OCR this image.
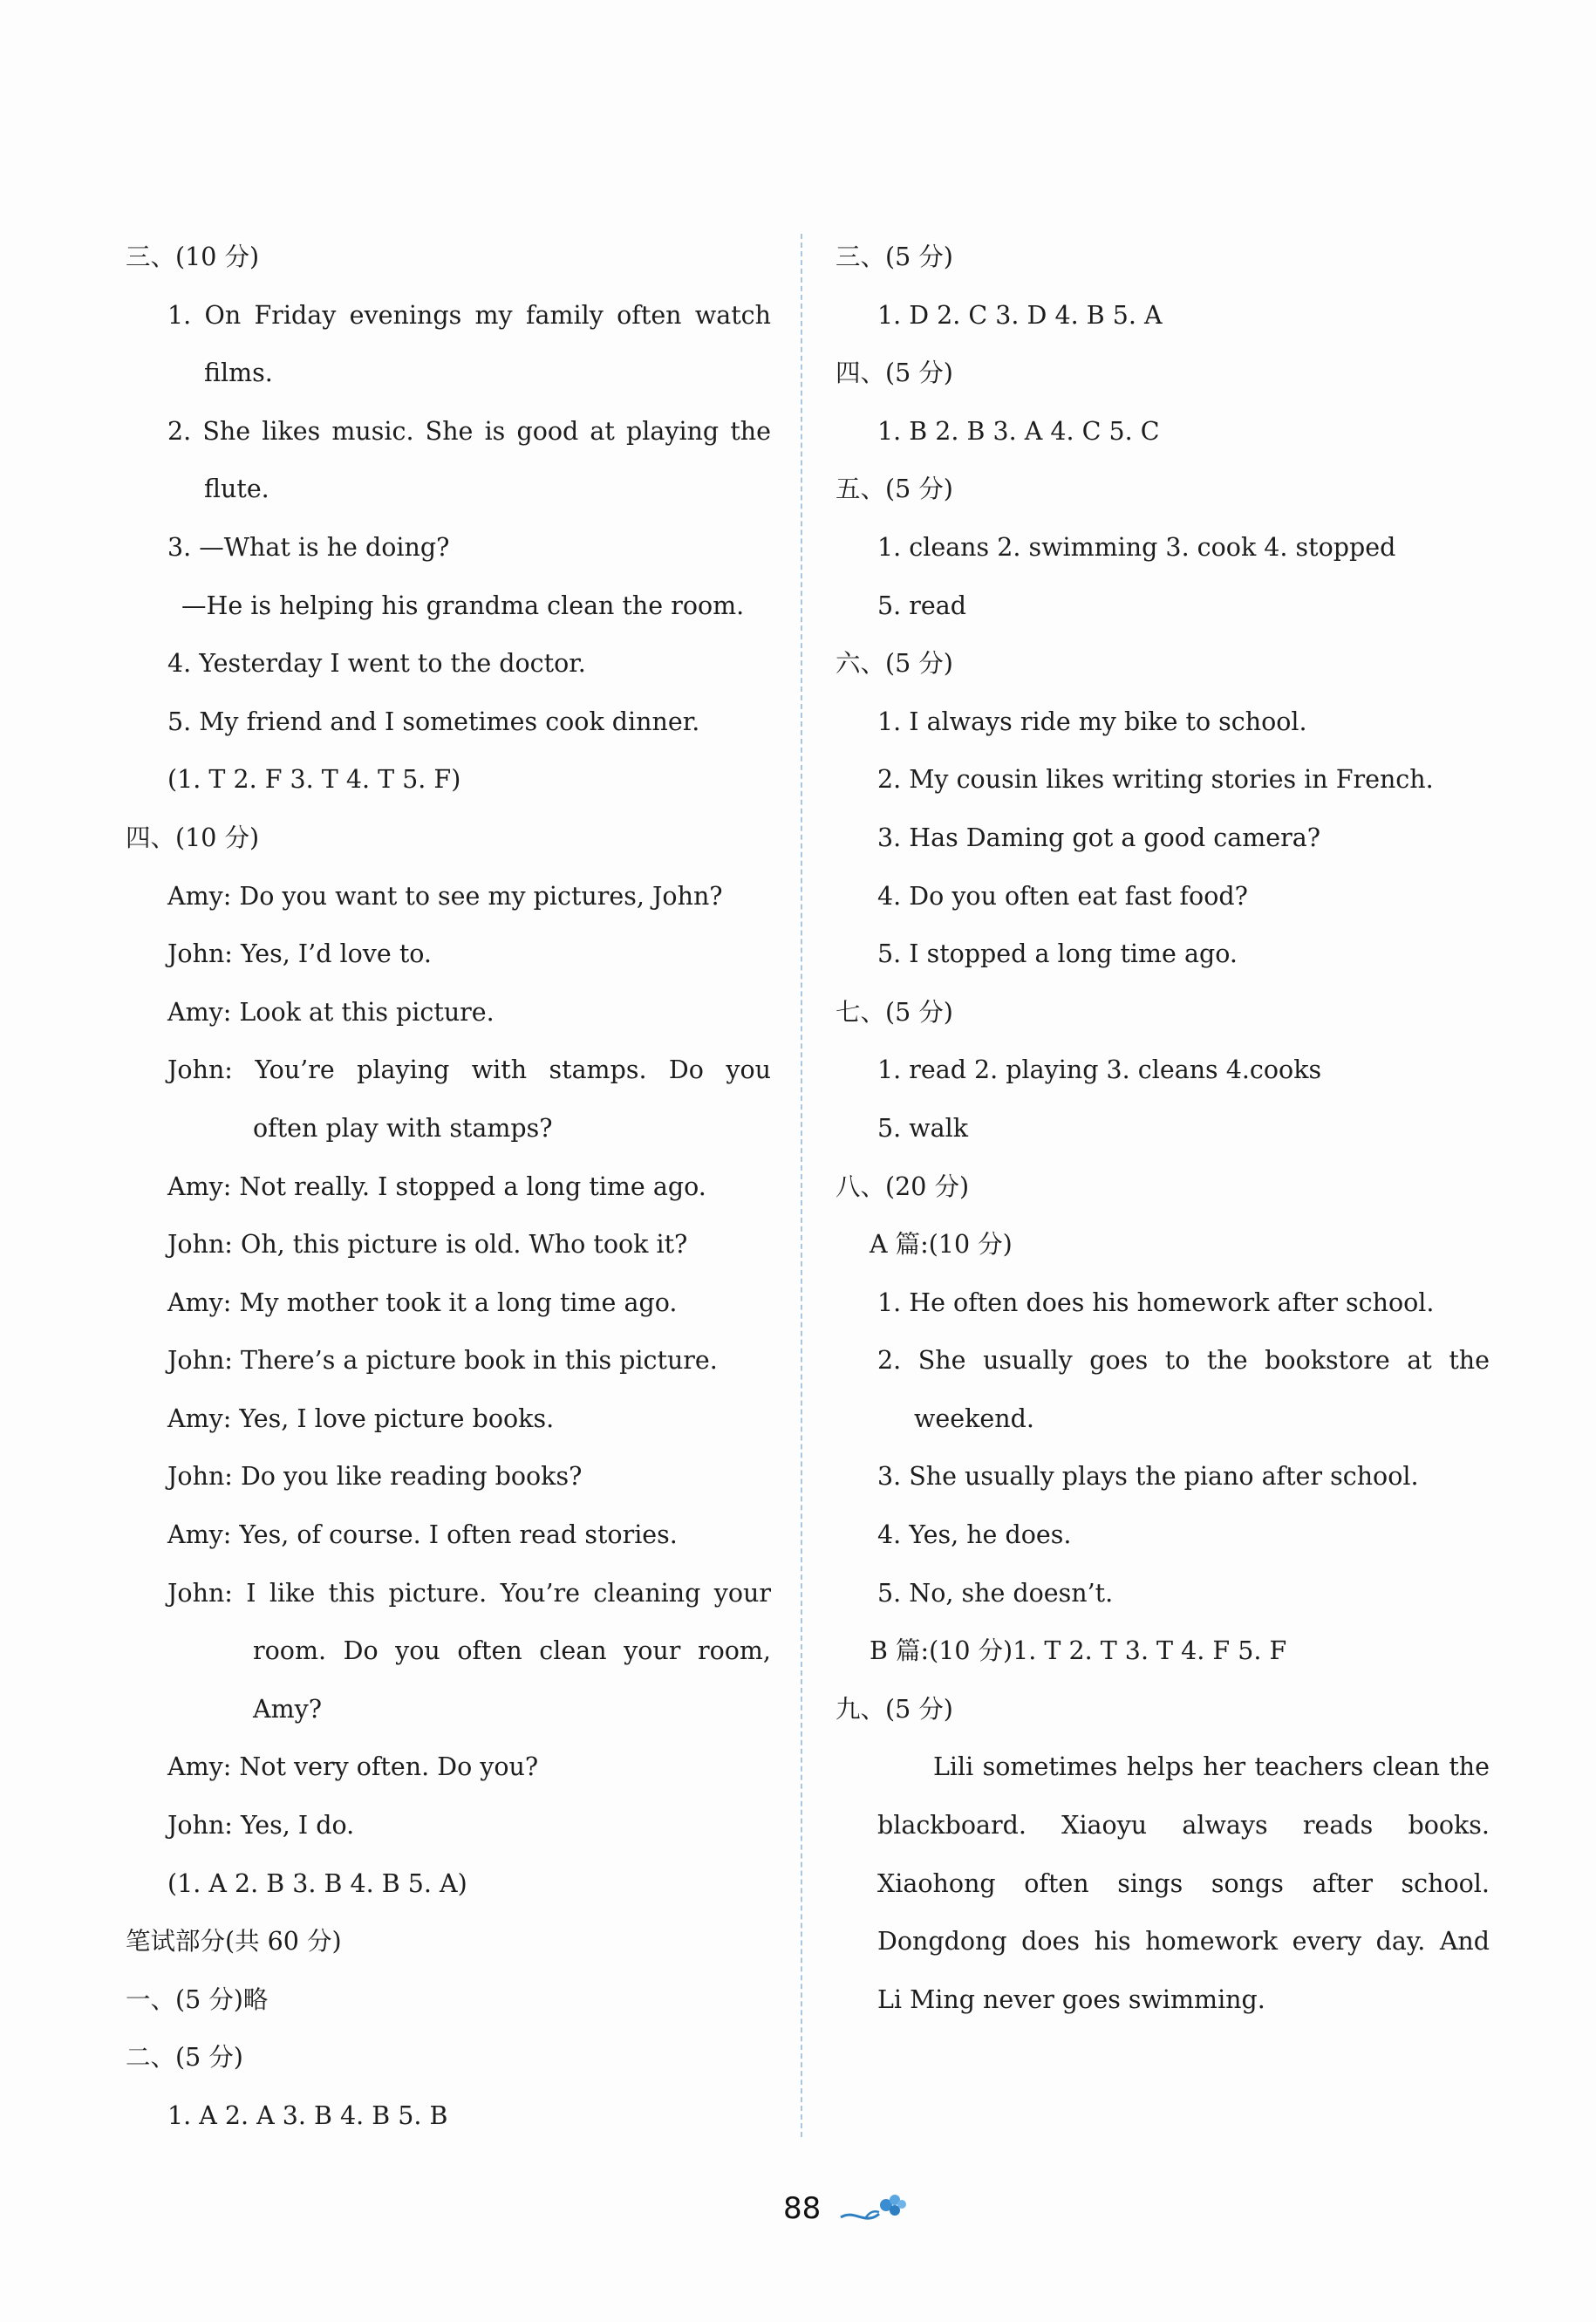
三、(10 分)
1. On Friday evenings my family often watch
films.
2. She likes music. She is good at playing the
flute.
3. —What is he doing?
—He is helping his grandma clean the room.
4. Yesterday I went to the doctor.
5. My friend and I sometimes cook dinner.
(1. T 2. F 3. T 4. T 5. F)
四、(10 分)
Amy: Do you want to see my pictures, John?
John: Yes, I’d love to.
Amy: Look at this picture.
John: You’re playing with stamps. Do you
often play with stamps?
Amy: Not really. I stopped a long time ago.
John: Oh, this picture is old. Who took it?
Amy: My mother took it a long time ago.
John: There’s a picture book in this picture.
Amy: Yes, I love picture books.
John: Do you like reading books?
Amy: Yes, of course. I often read stories.
John: I like this picture. You’re cleaning your
room. Do you often clean your room,
Amy?
Amy: Not very often. Do you?
John: Yes, I do.
(1. A 2. B 3. B 4. B 5. A)
笔试部分(共 60 分)
一、(5 分)略
二、(5 分)
1. A 2. A 3. B 4. B 5. B
三、(5 分)
1. D 2. C 3. D 4. B 5. A
四、(5 分)
1. B 2. B 3. A 4. C 5. C
五、(5 分)
1. cleans 2. swimming 3. cook 4. stopped
5. read
六、(5 分)
1. I always ride my bike to school.
2. My cousin likes writing stories in French.
3. Has Daming got a good camera?
4. Do you often eat fast food?
5. I stopped a long time ago.
七、(5 分)
1. read 2. playing 3. cleans 4.cooks
5. walk
八、(20 分)
A 篇:(10 分)
1. He often does his homework after school.
2. She usually goes to the bookstore at the
weekend.
3. She usually plays the piano after school.
4. Yes, he does.
5. No, she doesn’t.
B 篇:(10 分)1. T 2. T 3. T 4. F 5. F
九、(5 分)
Lili sometimes helps her teachers clean the
blackboard. Xiaoyu always reads books.
Xiaohong often sings songs after school.
Dongdong does his homework every day. And
Li Ming never goes swimming.
88
